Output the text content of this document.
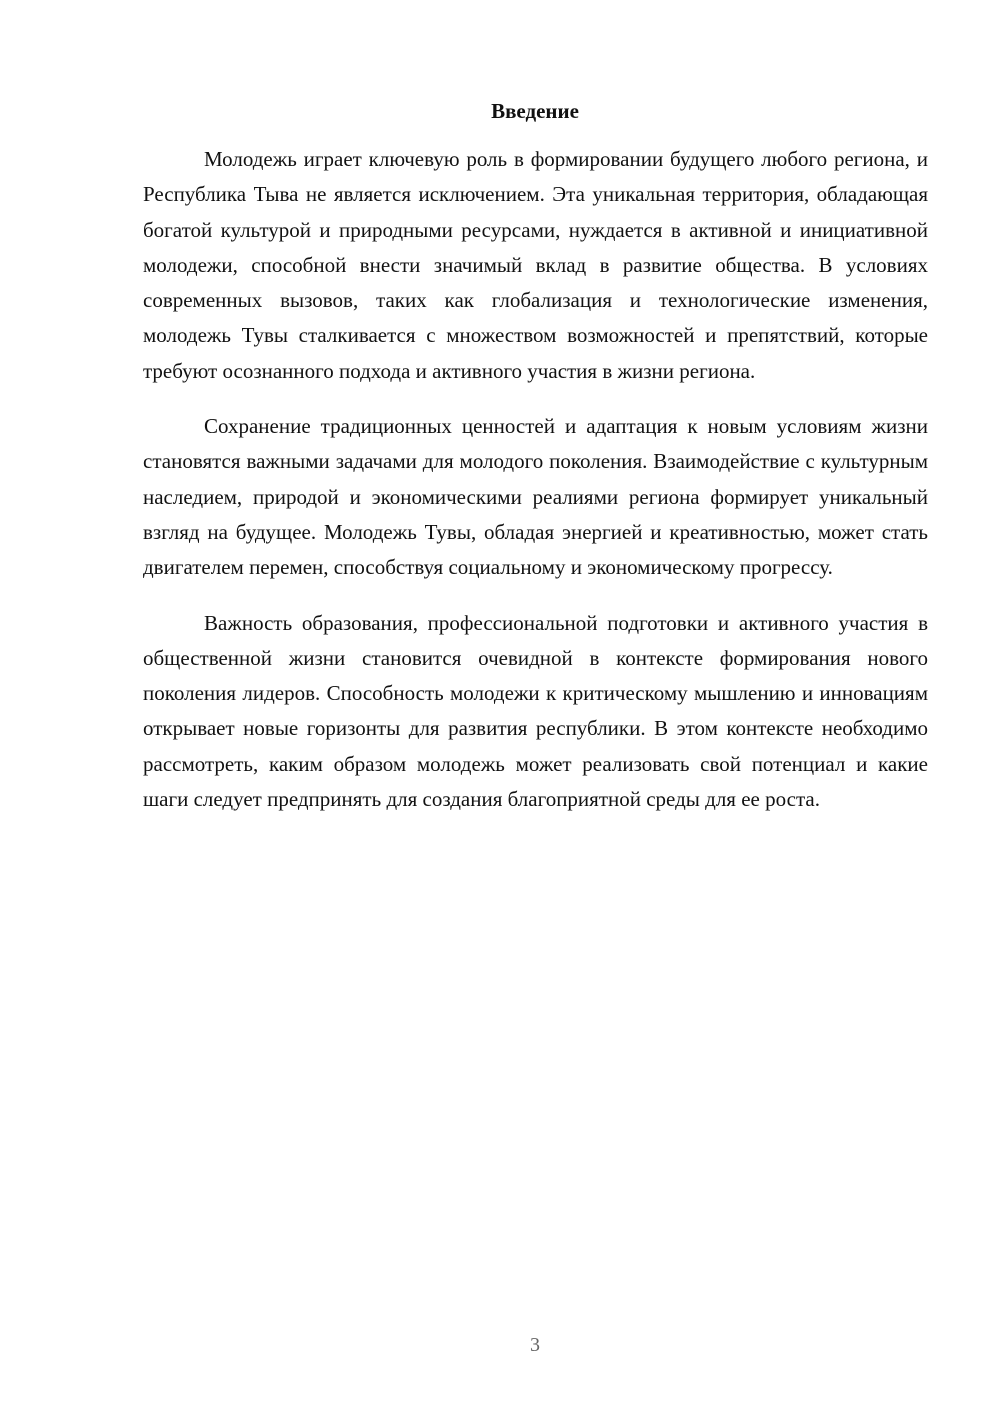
Введение

Молодежь играет ключевую роль в формировании будущего любого региона, и Республика Тыва не является исключением. Эта уникальная территория, обладающая богатой культурой и природными ресурсами, нуждается в активной и инициативной молодежи, способной внести значимый вклад в развитие общества. В условиях современных вызовов, таких как глобализация и технологические изменения, молодежь Тувы сталкивается с множеством возможностей и препятствий, которые требуют осознанного подхода и активного участия в жизни региона.

Сохранение традиционных ценностей и адаптация к новым условиям жизни становятся важными задачами для молодого поколения. Взаимодействие с культурным наследием, природой и экономическими реалиями региона формирует уникальный взгляд на будущее. Молодежь Тувы, обладая энергией и креативностью, может стать двигателем перемен, способствуя социальному и экономическому прогрессу.

Важность образования, профессиональной подготовки и активного участия в общественной жизни становится очевидной в контексте формирования нового поколения лидеров. Способность молодежи к критическому мышлению и инновациям открывает новые горизонты для развития республики. В этом контексте необходимо рассмотреть, каким образом молодежь может реализовать свой потенциал и какие шаги следует предпринять для создания благоприятной среды для ее роста.

3
